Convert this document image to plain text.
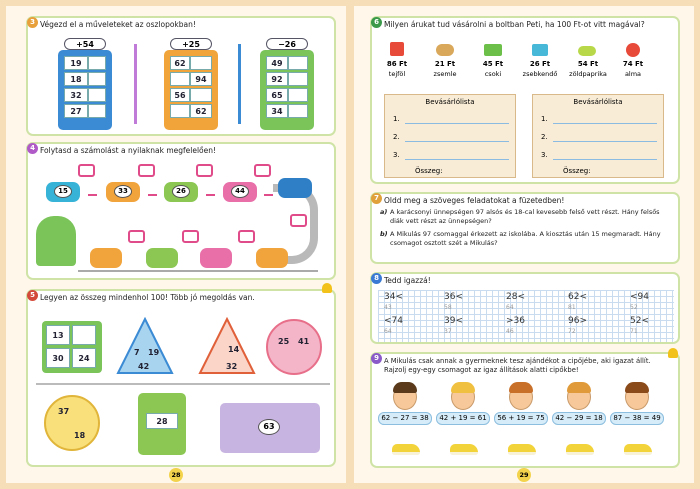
3 Végezd el a műveleteket az oszlopokban!
+54
19
18
32
27
+25
62
94
56
62
−26
49
92
65
34
4 Folytasd a számolást a nyilaknak megfelelően!
15	33	26	44
5 Legyen az összeg mindenhol 100! Több jó megoldás van.
13
30	24
7 19
42
14
32
25 41
37
18
28
63
28
6 Milyen árukat tud vásárolni a boltban Peti, ha 100 Ft-ot vitt magával?
86 Ft
tejföl
21 Ft
zsemle
45 Ft
csoki
26 Ft
zsebkendő
54 Ft
zöldpaprika
74 Ft
alma
Bevásárlólista
1.
2.
3.
Összeg:
Bevásárlólista
1.
2.
3.
Összeg:
7 Oldd meg a szöveges feladatokat a füzetedben!
a) A karácsonyi ünnepségen 97 alsós és 18-cal kevesebb felső vett részt. Hány felsős diák vett részt az ünnepségen?
b) A Mikulás 97 csomaggal érkezett az iskolába. A kiosztás után 15 megmaradt. Hány csomagot osztott szét a Mikulás?
8 Tedd igazzá!
34<
43
36<
58
28<
64
62<
81
<94
52
<74
64
39<
37
>36
46
96>
72
52<
71
9 A Mikulás csak annak a gyermeknek tesz ajándékot a cipőjébe, aki igazat állít. Rajzolj egy-egy csomagot az igaz állítások alatti cipőkbe!
62 − 27 = 38	42 + 19 = 61	56 + 19 = 75	42 − 29 = 18	87 − 38 = 49
29
